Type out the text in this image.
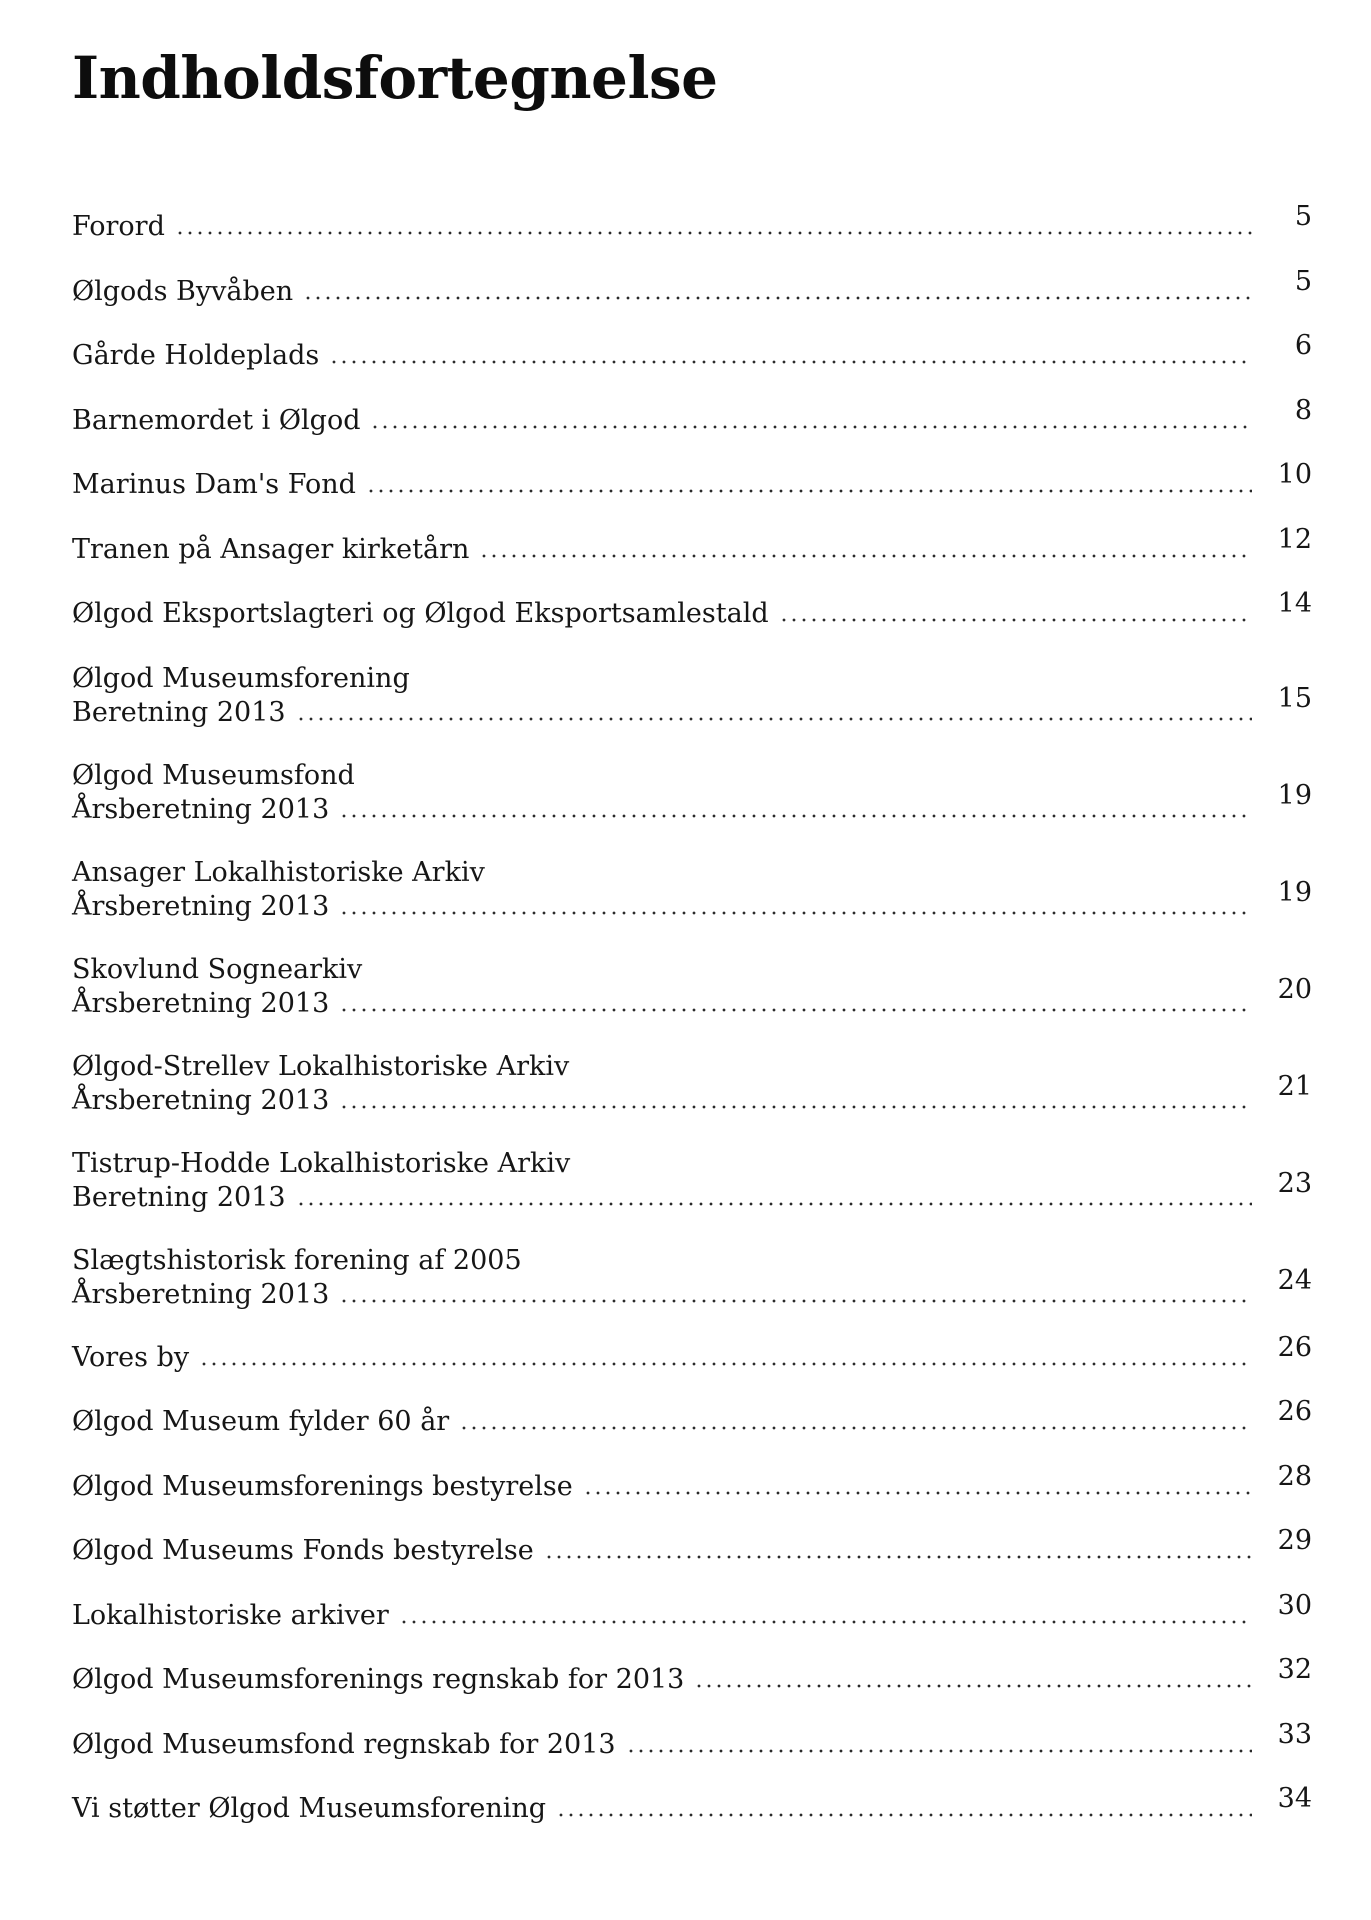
Indholdsfortegnelse
Forord	5
Ølgods Byvåben	5
Gårde Holdeplads	6
Barnemordet i Ølgod	8
Marinus Dam's Fond	10
Tranen på Ansager kirketårn	12
Ølgod Eksportslagteri og Ølgod Eksportsamlestald	14
Ølgod Museumsforening
Beretning 2013	15
Ølgod Museumsfond
Årsberetning 2013	19
Ansager Lokalhistoriske Arkiv
Årsberetning 2013	19
Skovlund Sognearkiv
Årsberetning 2013	20
Ølgod-Strellev Lokalhistoriske Arkiv
Årsberetning 2013	21
Tistrup-Hodde Lokalhistoriske Arkiv
Beretning 2013	23
Slægtshistorisk forening af 2005
Årsberetning 2013	24
Vores by	26
Ølgod Museum fylder 60 år	26
Ølgod Museumsforenings bestyrelse	28
Ølgod Museums Fonds bestyrelse	29
Lokalhistoriske arkiver	30
Ølgod Museumsforenings regnskab for 2013	32
Ølgod Museumsfond regnskab for 2013	33
Vi støtter Ølgod Museumsforening	34
